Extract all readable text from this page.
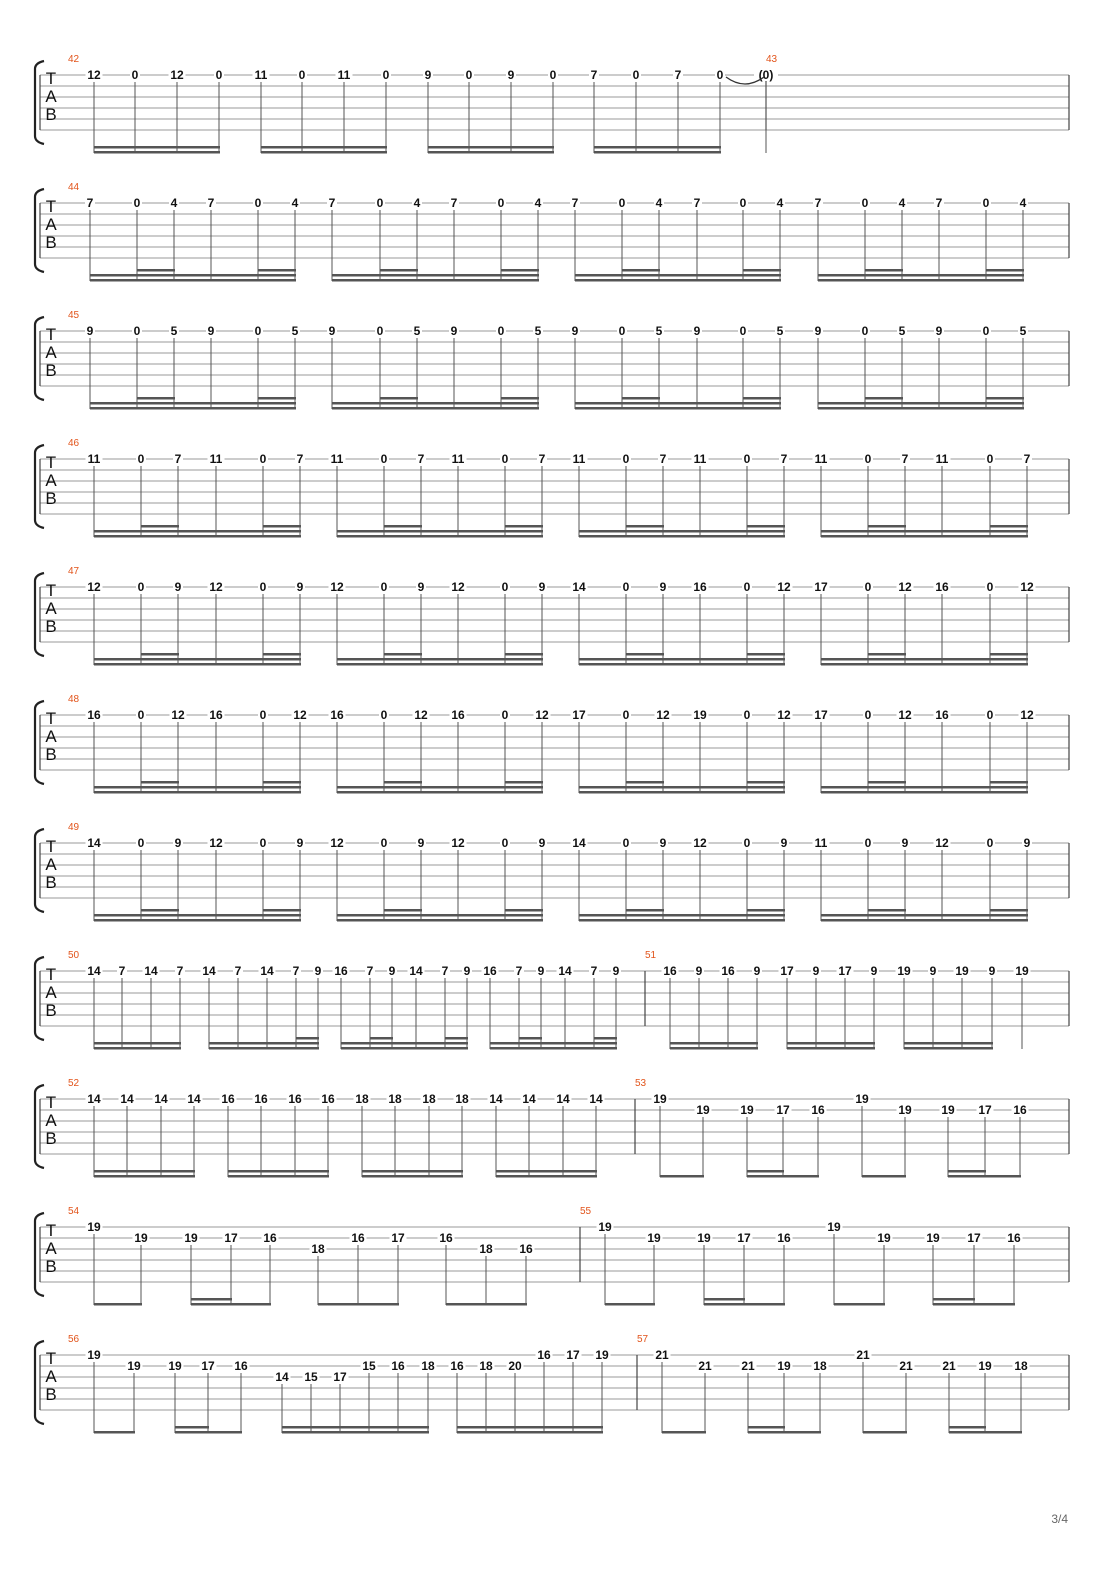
T
A
B
42	43
12	0	12	0	11	0	11	0	9	0	9	0	7	0	7	0	(0)
T
A
B
44
7	0	4	7	0	4	7	0	4	7	0	4	7	0	4	7	0	4	7	0	4	7	0	4
T
A
B
45
9	0	5	9	0	5	9	0	5	9	0	5	9	0	5	9	0	5	9	0	5	9	0	5
T
A
B
46
11	0	7 11	0	7 11	0	7 11	0	7 11	0	7 11	0	7 11	0	7 11	0	7
T
A
B
47
12	0	9 12	0	9 12	0	9 12	0	9 14	0	9 16	0 12 17	0 12 16	0 12
T
A
B
48
16	0 12 16	0 12 16	0 12 16	0 12 17	0 12 19	0 12 17	0 12 16	0 12
T
A
B
49
14	0	9 12	0	9 12	0	9 12	0	9 14	0	9 12	0	9 11	0	9 12	0	9
T
A
B
50	51
14 7 14 7 14 7 14 7 9 16 7 9 14 7 9 16 7 9 14 7 9	16 9 16 9 17 9 17 9 19 9 19 9 19
T
A
B
52	53
14 14 14 14 16 16 16 16 18 18 18 18 14 14 14 14	19
19	19 17 16
19
19 19 17 16
T
A
B
54	55
19
19	19 17 16
18
16 17	16
18 16
19
19	19 17 16
19
19	19 17 16
T
A
B
56	57
19
19 19 17 16
14 15 17
15 16 18 16 18 20
16 17 19	21
21 21 19 18
21
21 21 19 18
3/4
